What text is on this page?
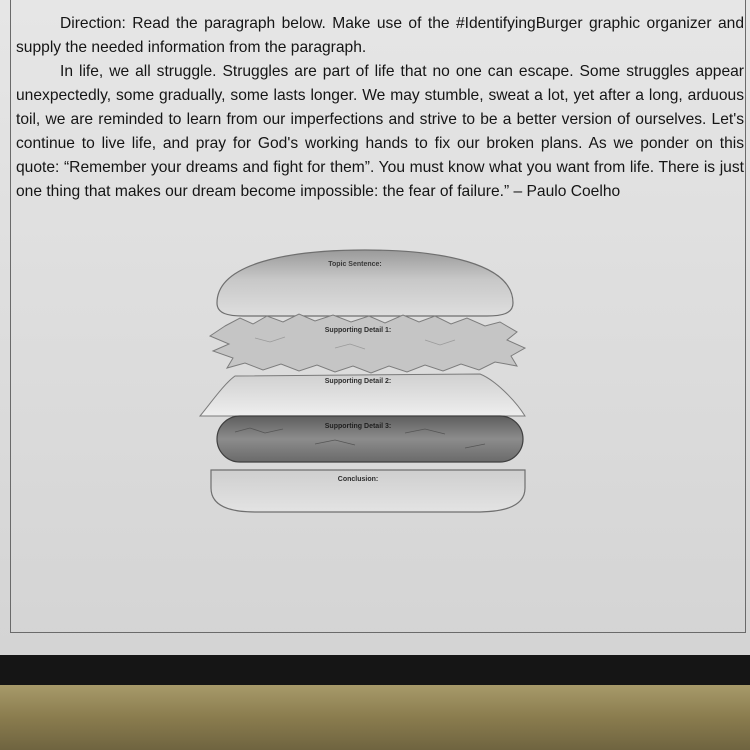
Direction: Read the paragraph below. Make use of the #IdentifyingBurger graphic organizer and supply the needed information from the paragraph.

In life, we all struggle. Struggles are part of life that no one can escape. Some struggles appear unexpectedly, some gradually, some lasts longer. We may stumble, sweat a lot, yet after a long, arduous toil, we are reminded to learn from our imperfections and strive to be a better version of ourselves. Let's continue to live life, and pray for God's working hands to fix our broken plans. As we ponder on this quote: “Remember your dreams and fight for them”. You must know what you want from life. There is just one thing that makes our dream become impossible: the fear of failure.” – Paulo Coelho

Topic Sentence:
Supporting Detail 1:
Supporting Detail 2:
Supporting Detail 3:
Conclusion:
